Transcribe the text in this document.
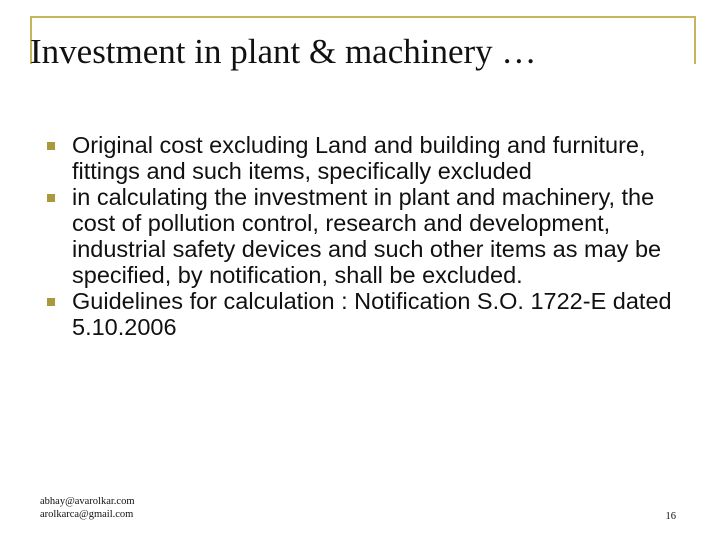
Investment in plant & machinery …
Original cost excluding Land and building and furniture, fittings and such items, specifically excluded
in calculating the investment in plant and machinery, the cost of pollution control, research and development, industrial safety devices and such other items as may be specified, by notification, shall be excluded.
Guidelines for calculation : Notification S.O. 1722-E dated 5.10.2006
abhay@avarolkar.com
arolkarca@gmail.com	16
